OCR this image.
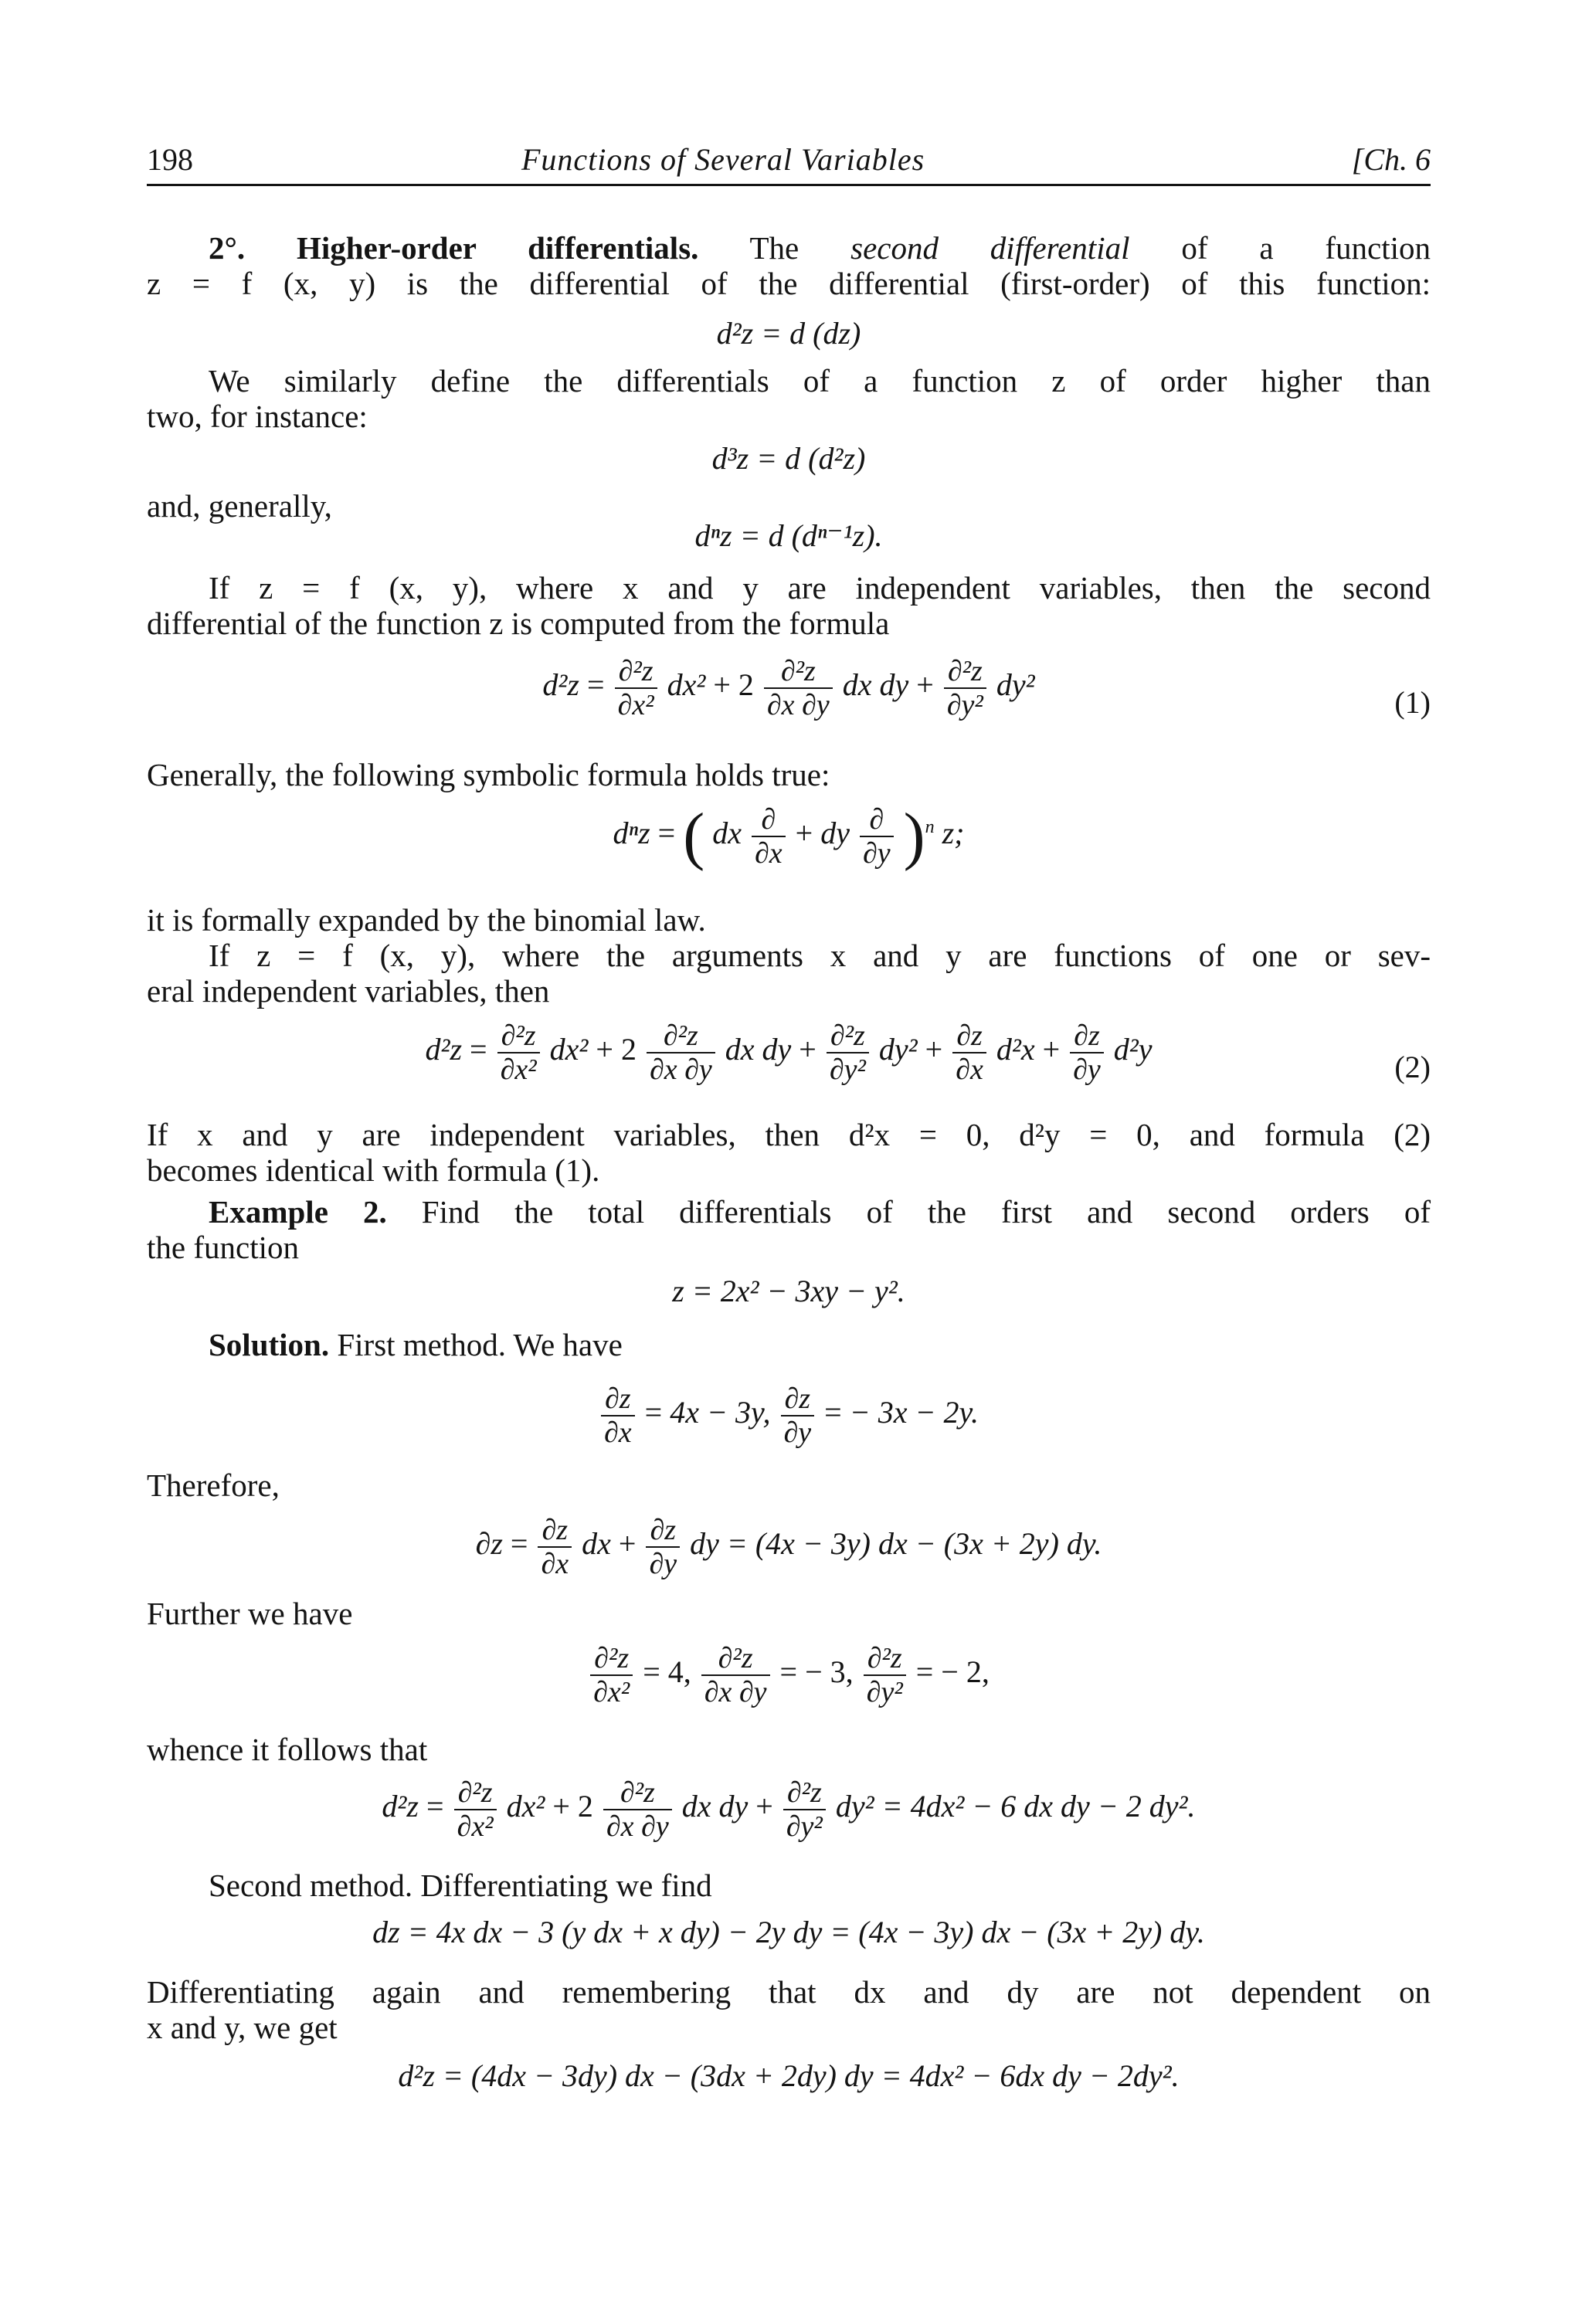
198	Functions of Several Variables	[Ch. 6
2°. Higher-order differentials. The second differential of a function
z = f (x, y) is the differential of the differential (first-order) of this function:
d²z = d (dz)
We similarly define the differentials of a function z of order higher than
two, for instance:
d³z = d (d²z)
and, generally,
dⁿz = d (dⁿ⁻¹z).
If z = f (x, y), where x and y are independent variables, then the second
differential of the function z is computed from the formula
$d^2z = \frac{\text{∂²z}}{\text{∂x²}} dx^2 + 2 \frac{\text{∂²z}}{\partial x \partial y}$ dx dy + $\frac{\text{∂²z}}{\text{∂y²}} dy^2$
(1)
Generally, the following symbolic formula holds true:
dⁿz = ( dx ∂
∂x
+ dy ∂
∂y )$^n$ z;
it is formally expanded by the binomial law.
If z = f (x, y), where the arguments x and y are functions of one or sev-
eral independent variables, then
$d^2z = \frac{\text{∂²z}}{\text{∂x²}} dx^2 + 2 \frac{\text{∂²z}}{\partial x \partial y}$ dx dy + $\frac{\text{∂²z}}{\text{∂y²}} dy^2 + \frac{\partial z}{\partial x} d^2x + \frac{\partial z}{\partial y} d^2y$
(2)
If x and y are independent variables, then d²x = 0, d²y = 0, and formula (2)
becomes identical with formula (1).
Example 2. Find the total differentials of the first and second orders of
the function
z = 2x² − 3xy − y².
Solution. First method. We have
$\frac{\partial z}{\partial x} = 4x - 3y$, $\frac{\partial z}{\partial y}$ = − 3x − 2y.
Therefore,
$\partial z = \frac{\partial z}{\partial x}$ dx + $\frac{\partial z}{\partial y}$ dy = (4x − 3y) dx − (3x + 2y) dy.
Further we have
$\frac{\text{∂²z}}{\text{∂x²}} = 4$, $\frac{\text{∂²z}}{\partial x \partial y}$ = − 3, $\frac{\text{∂²z}}{\text{∂y²}}$ = − 2,
whence it follows that
$d^2z = \frac{\text{∂²z}}{\text{∂x²}} dx^2 + 2 \frac{\text{∂²z}}{\partial x \partial y}$ dx dy + $\frac{\text{∂²z}}{\text{∂y²}} dy^2 = 4dx^2 - 6$ dx dy − 2 dy².
Second method. Differentiating we find
dz = 4x dx − 3 (y dx + x dy) − 2y dy = (4x − 3y) dx − (3x + 2y) dy.
Differentiating again and remembering that dx and dy are not dependent on
x and y, we get
d²z = (4dx − 3dy) dx − (3dx + 2dy) dy = 4dx² − 6dx dy − 2dy².
